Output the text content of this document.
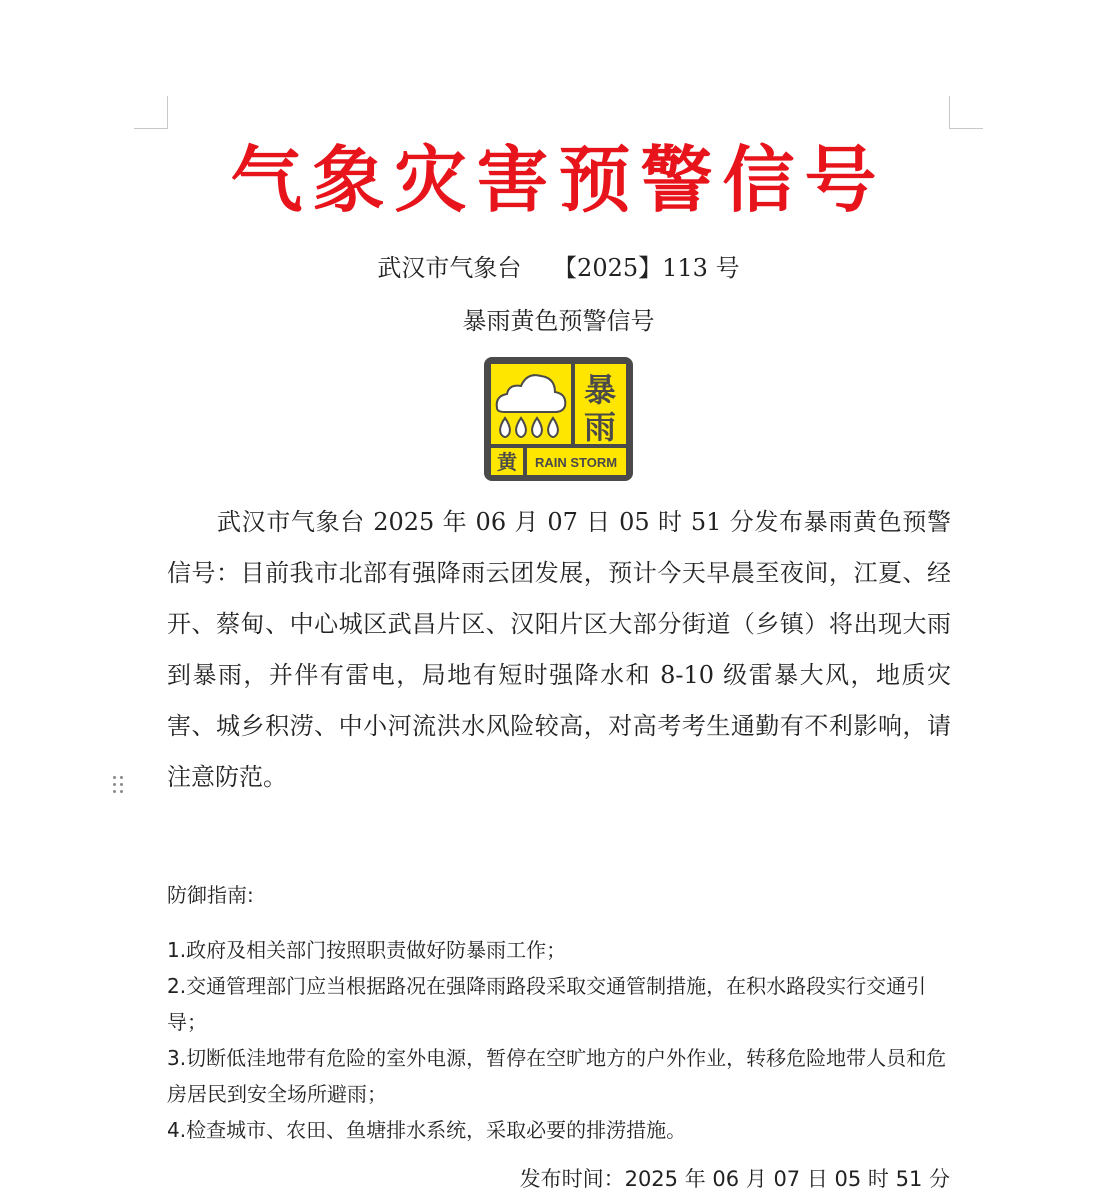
气象灾害预警信号
武汉市气象台　 【2025】113 号
暴雨黄色预警信号
暴
雨
黄 RAIN STORM

武汉市气象台 2025 年 06 月 07 日 05 时 51 分发布暴雨黄色预警信号：目前我市北部有强降雨云团发展，预计今天早晨至夜间，江夏、经开、蔡甸、中心城区武昌片区、汉阳片区大部分街道（乡镇）将出现大雨到暴雨，并伴有雷电，局地有短时强降水和 8-10 级雷暴大风，地质灾害、城乡积涝、中小河流洪水风险较高，对高考考生通勤有不利影响，请注意防范。

防御指南:
1.政府及相关部门按照职责做好防暴雨工作；
2.交通管理部门应当根据路况在强降雨路段采取交通管制措施，在积水路段实行交通引导；
3.切断低洼地带有危险的室外电源，暂停在空旷地方的户外作业，转移危险地带人员和危房居民到安全场所避雨；
4.检查城市、农田、鱼塘排水系统，采取必要的排涝措施。
发布时间：2025 年 06 月 07 日 05 时 51 分
